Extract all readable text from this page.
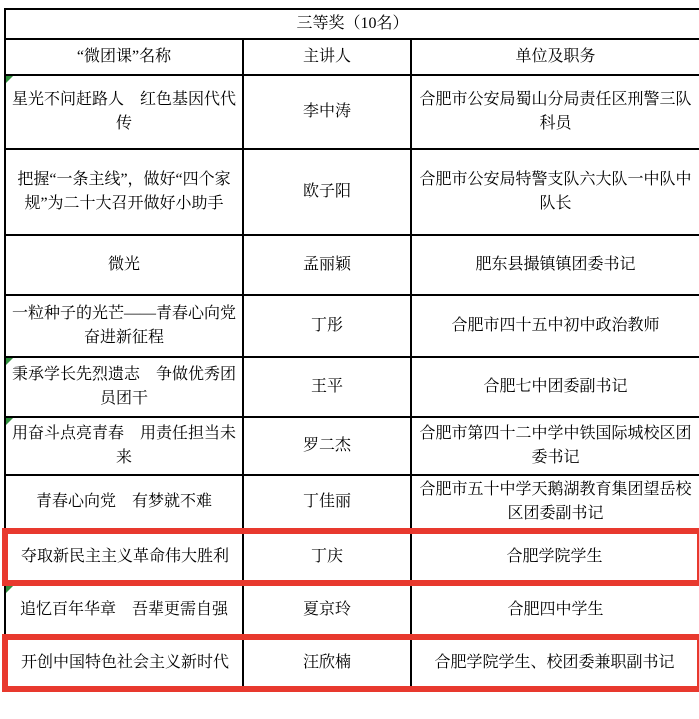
三等奖（10名）		
“微团课”名称	主讲人	单位及职务

星光不问赶路人　红色基因代代传	李中涛	合肥市公安局蜀山分局责任区刑警三队科员
把握“一条主线”，做好“四个家规”为二十大召开做好小助手	欧子阳	合肥市公安局特警支队六大队一中队中队长
微光	孟丽颖	肥东县撮镇镇团委书记
一粒种子的光芒——青春心向党　奋进新征程	丁彤	合肥市四十五中初中政治教师

秉承学长先烈遗志　争做优秀团员团干	王平	合肥七中团委副书记

用奋斗点亮青春　用责任担当未来	罗二杰	合肥市第四十二中学中铁国际城校区团委书记
青春心向党　有梦就不难	丁佳丽	合肥市五十中学天鹅湖教育集团望岳校区团委副书记
夺取新民主主义革命伟大胜利	丁庆	合肥学院学生

追忆百年华章　吾辈更需自强	夏京玲	合肥四中学生
开创中国特色社会主义新时代	汪欣楠	合肥学院学生、校团委兼职副书记
